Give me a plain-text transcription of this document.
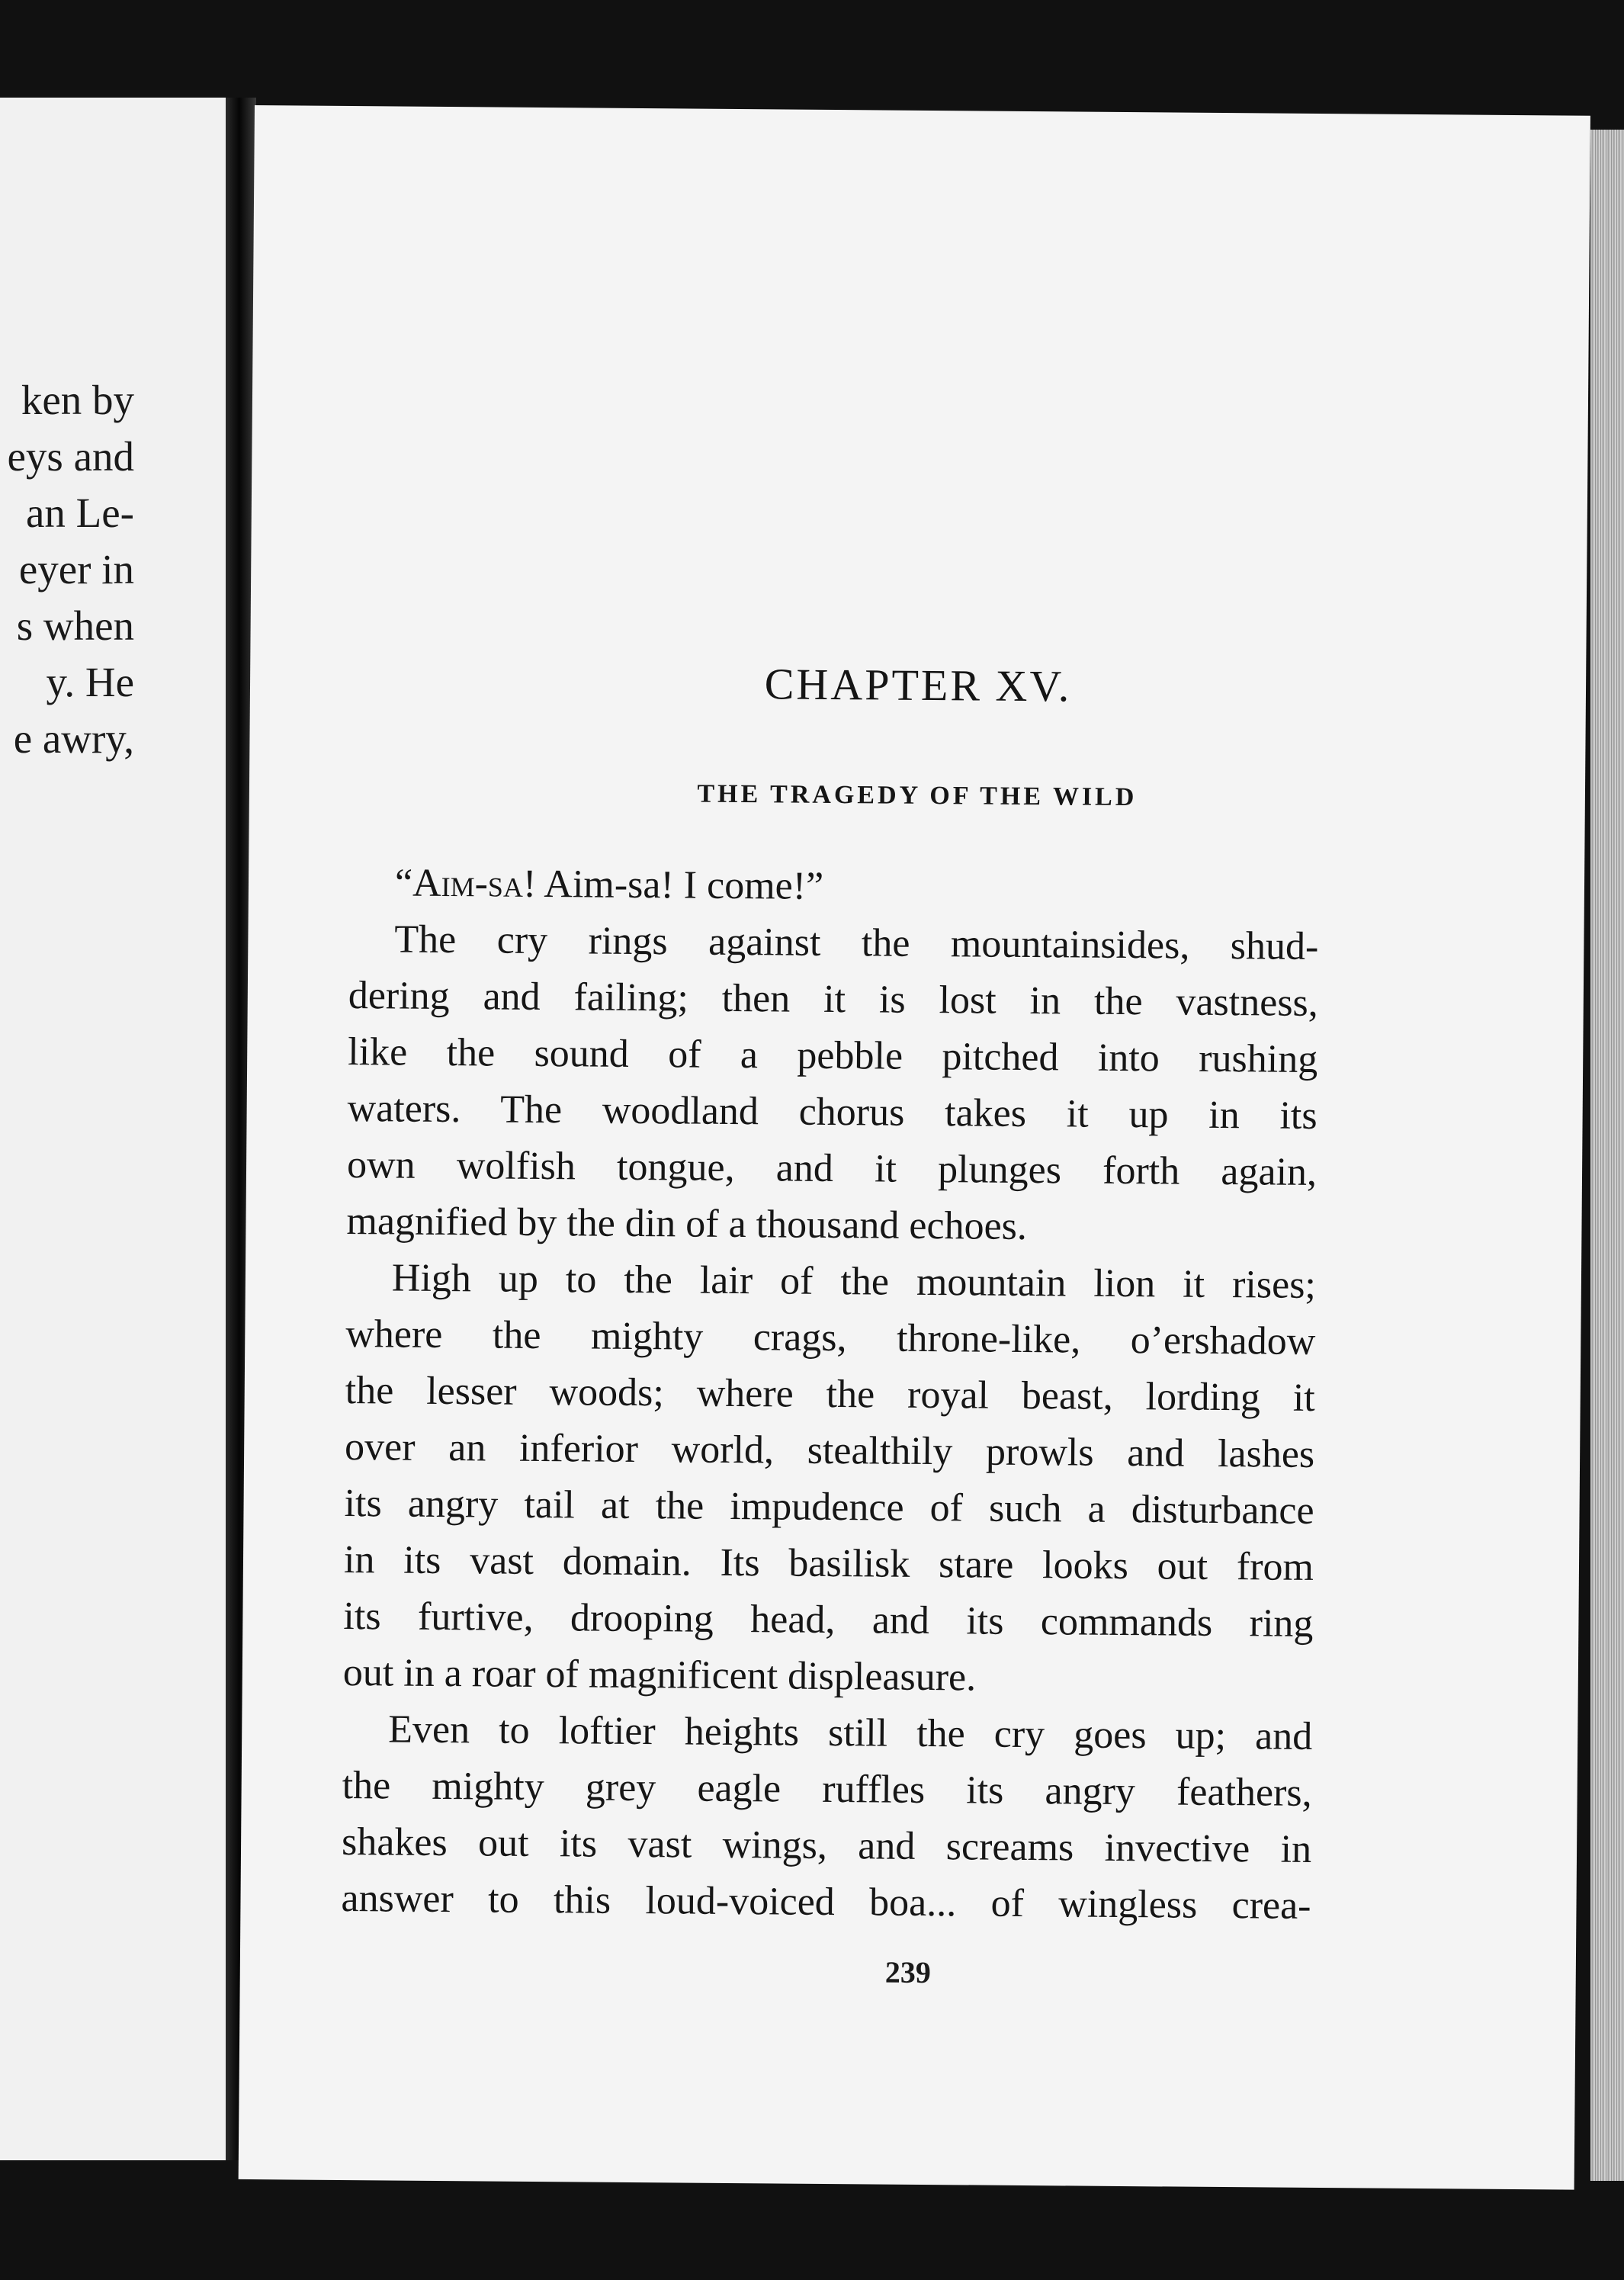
ken by
eys and
an Le-
eyer in
s when
y. He
e awry,
CHAPTER XV.
THE TRAGEDY OF THE WILD
“Aim-sa! Aim-sa! I come!”
The cry rings against the mountainsides, shud-
dering and failing; then it is lost in the vastness,
like the sound of a pebble pitched into rushing
waters. The woodland chorus takes it up in its
own wolfish tongue, and it plunges forth again,
magnified by the din of a thousand echoes.
High up to the lair of the mountain lion it rises;
where the mighty crags, throne-like, o’ershadow
the lesser woods; where the royal beast, lording it
over an inferior world, stealthily prowls and lashes
its angry tail at the impudence of such a disturbance
in its vast domain. Its basilisk stare looks out from
its furtive, drooping head, and its commands ring
out in a roar of magnificent displeasure.
Even to loftier heights still the cry goes up; and
the mighty grey eagle ruffles its angry feathers,
shakes out its vast wings, and screams invective in
answer to this loud-voiced boa... of wingless crea-
239
